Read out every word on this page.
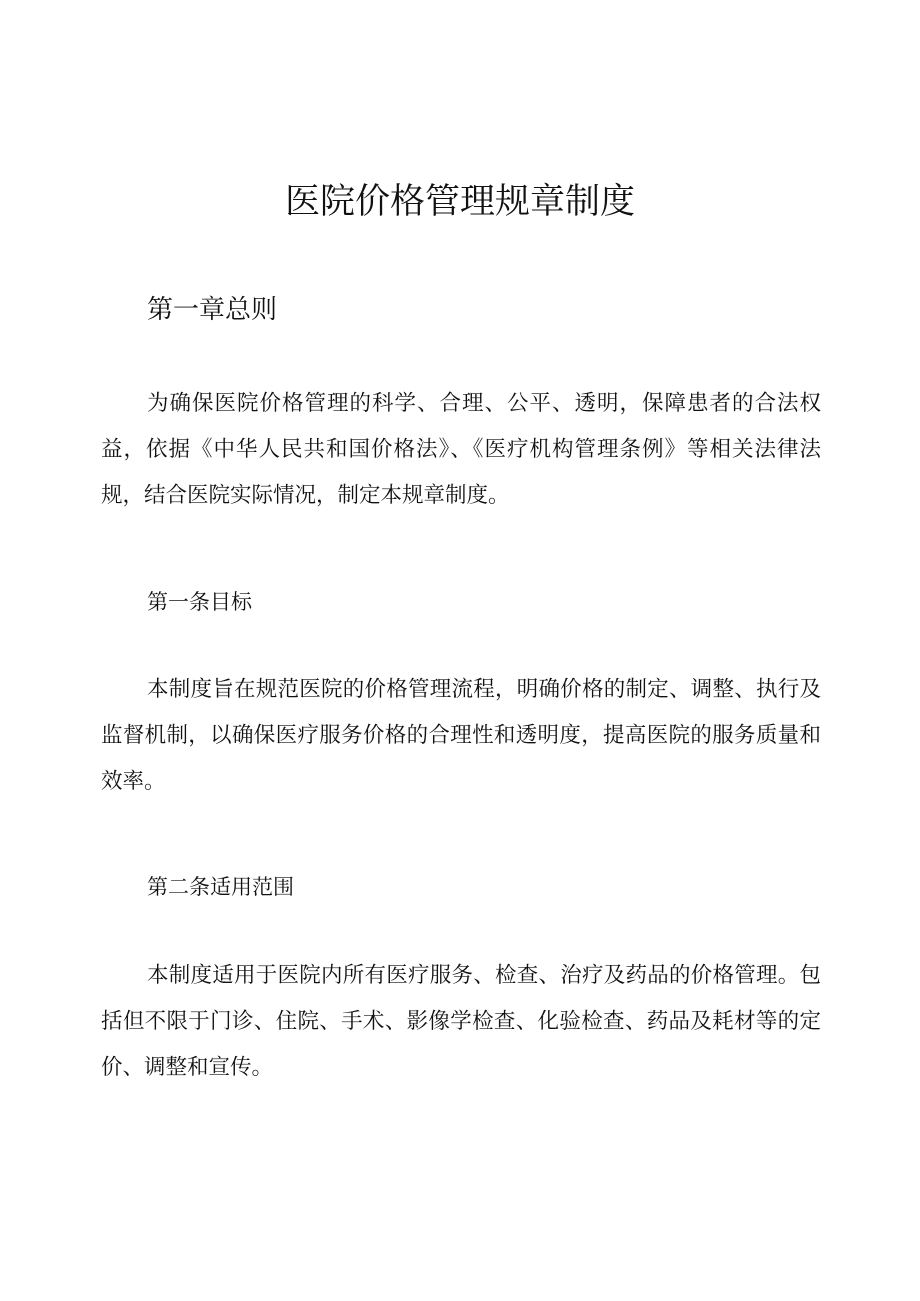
医院价格管理规章制度
第一章总则

为确保医院价格管理的科学、合理、公平、透明，保障患者的合法权益，依据《中华人民共和国价格法》、《医疗机构管理条例》等相关法律法规，结合医院实际情况，制定本规章制度。

第一条目标

本制度旨在规范医院的价格管理流程，明确价格的制定、调整、执行及监督机制，以确保医疗服务价格的合理性和透明度，提高医院的服务质量和效率。

第二条适用范围

本制度适用于医院内所有医疗服务、检查、治疗及药品的价格管理。包括但不限于门诊、住院、手术、影像学检查、化验检查、药品及耗材等的定价、调整和宣传。
